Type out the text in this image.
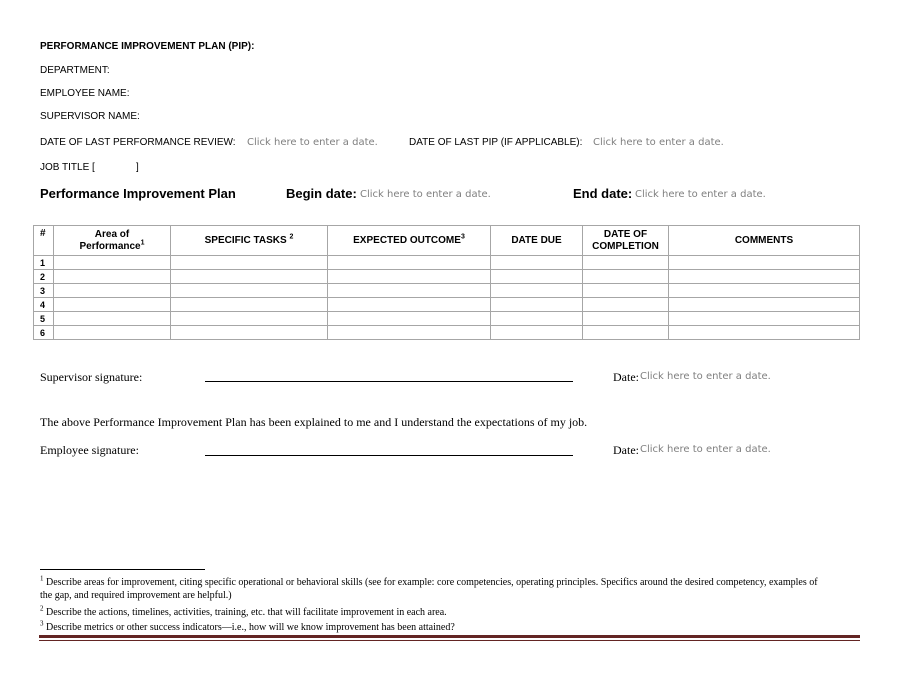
PERFORMANCE IMPROVEMENT PLAN (PIP):
DEPARTMENT:
EMPLOYEE NAME:
SUPERVISOR NAME:
DATE OF LAST PERFORMANCE REVIEW: Click here to enter a date.	DATE OF LAST PIP (IF APPLICABLE): Click here to enter a date.
JOB TITLE [	]
Performance Improvement Plan	Begin date: Click here to enter a date.	End date: Click here to enter a date.
#	Area of
Performance$^1$	SPECIFIC TASKS $^2$	EXPECTED OUTCOME$^3$	DATE DUE	DATE OF
COMPLETION	COMMENTS
1						
2						
3						
4						
5						
6						
Supervisor signature:	Date: Click here to enter a date.
The above Performance Improvement Plan has been explained to me and I understand the expectations of my job.
Employee signature:	Date: Click here to enter a date.
$^1$ Describe areas for improvement, citing specific operational or behavioral skills (see for example: core competencies, operating principles. Specifics around the desired competency, examples of the gap, and required improvement are helpful.)
$^2$ Describe the actions, timelines, activities, training, etc. that will facilitate improvement in each area.
$^3$ Describe metrics or other success indicators—i.e., how will we know improvement has been attained?
